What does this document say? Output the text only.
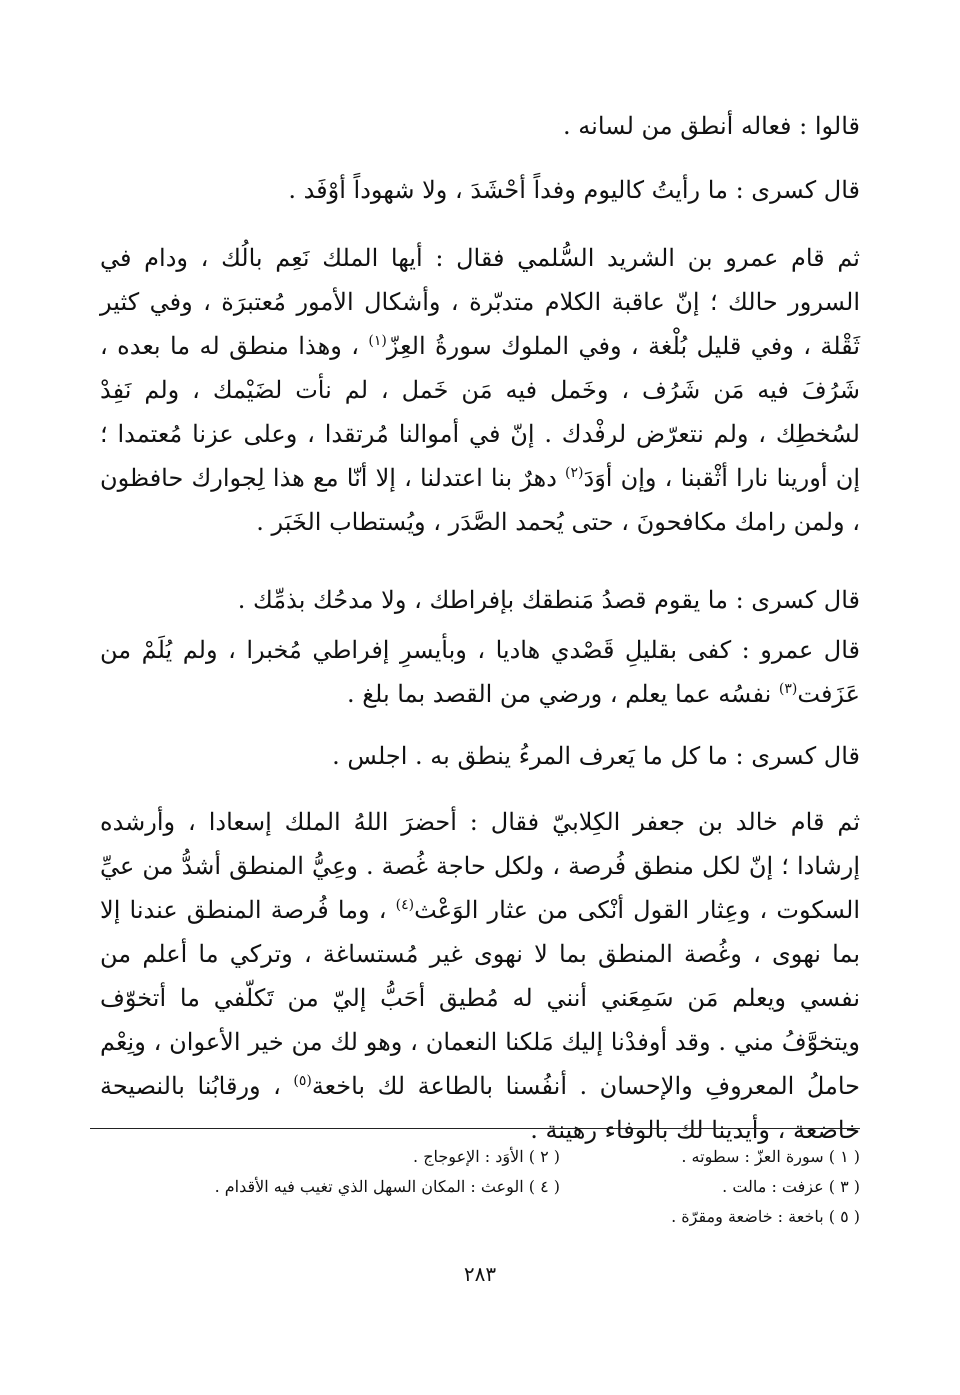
قالوا : فعاله أنطق من لسانه .

قال كسرى : ما رأيتُ كاليوم وفداً أحْشَدَ ، ولا شهوداً أوْفَد .

ثم قام عمرو بن الشريد السُّلمي فقال : أيها الملك نَعِم بالُك ، ودام في السرور حالك ؛ إنّ عاقبة الكلام متدبّرة ، وأشكال الأمور مُعتبرَة ، وفي كثير ثَقْلة ، وفي قليل بُلْغة ، وفي الملوك سورةُ العِزّ$^{(١)}$ ، وهذا منطق له ما بعده ، شَرُفَ فيه مَن شَرُف ، وخَمل فيه مَن خَمل ، لم نأت لضَيْمك ، ولم نَفِدْ لسُخطِك ، ولم نتعرّض لرفْدك . إنّ في أموالنا مُرتقدا ، وعلى عزنا مُعتمدا ؛ إن أورينا نارا أثْقبنا ، وإن أوَدَ$^{(٢)}$ دهرٌ بنا اعتدلنا ، إلا أنّا مع هذا لِجوارك حافظون ، ولمن رامك مكافحونَ ، حتى يُحمد الصَّدَر ، ويُستطاب الخَبَر .

قال كسرى : ما يقوم قصدُ مَنطقك بإفراطك ، ولا مدحُك بذمِّك .

قال عمرو : كفى بقليلِ قَصْدي هاديا ، وبأيسرِ إفراطي مُخبرا ، ولم يُلَمْ من عَزَفت$^{(٣)}$ نفسُه عما يعلم ، ورضي من القصد بما بلغ .

قال كسرى : ما كل ما يَعرف المرءُ ينطق به . اجلس .

ثم قام خالد بن جعفر الكِلابيّ فقال : أحضرَ اللهُ الملك إسعادا ، وأرشده إرشادا ؛ إنّ لكل منطق فُرصة ، ولكل حاجة غُصة . وعِيُّ المنطق أشدُّ من عيِّ السكوت ، وعِثار القول أنْكى من عثار الوَعْث$^{(٤)}$ ، وما فُرصة المنطق عندنا إلا بما نهوى ، وغُصة المنطق بما لا نهوى غير مُستساغة ، وتركي ما أعلم من نفسي ويعلم مَن سَمِعَني أنني له مُطيق أحَبُّ إليّ من تَكلّفي ما أتخوّف ويتخوَّفُ مني . وقد أوفدْنا إليك مَلكنا النعمان ، وهو لك من خير الأعوان ، ونِعْم حاملُ المعروفِ والإحسان . أنفُسنا بالطاعة لك باخعة$^{(٥)}$ ، ورقابُنا بالنصيحة خاضعة ، وأيدينا لك بالوفاء رهينة .

( ١ ) سورة العزّ : سطوته .
( ٢ ) الأوَد : الإعوجاج .
( ٣ ) عزفت : مالت .
( ٤ ) الوعث : المكان السهل الذي تغيب فيه الأقدام .
( ٥ ) باخعة : خاضعة ومقرّة .
٢٨٣
